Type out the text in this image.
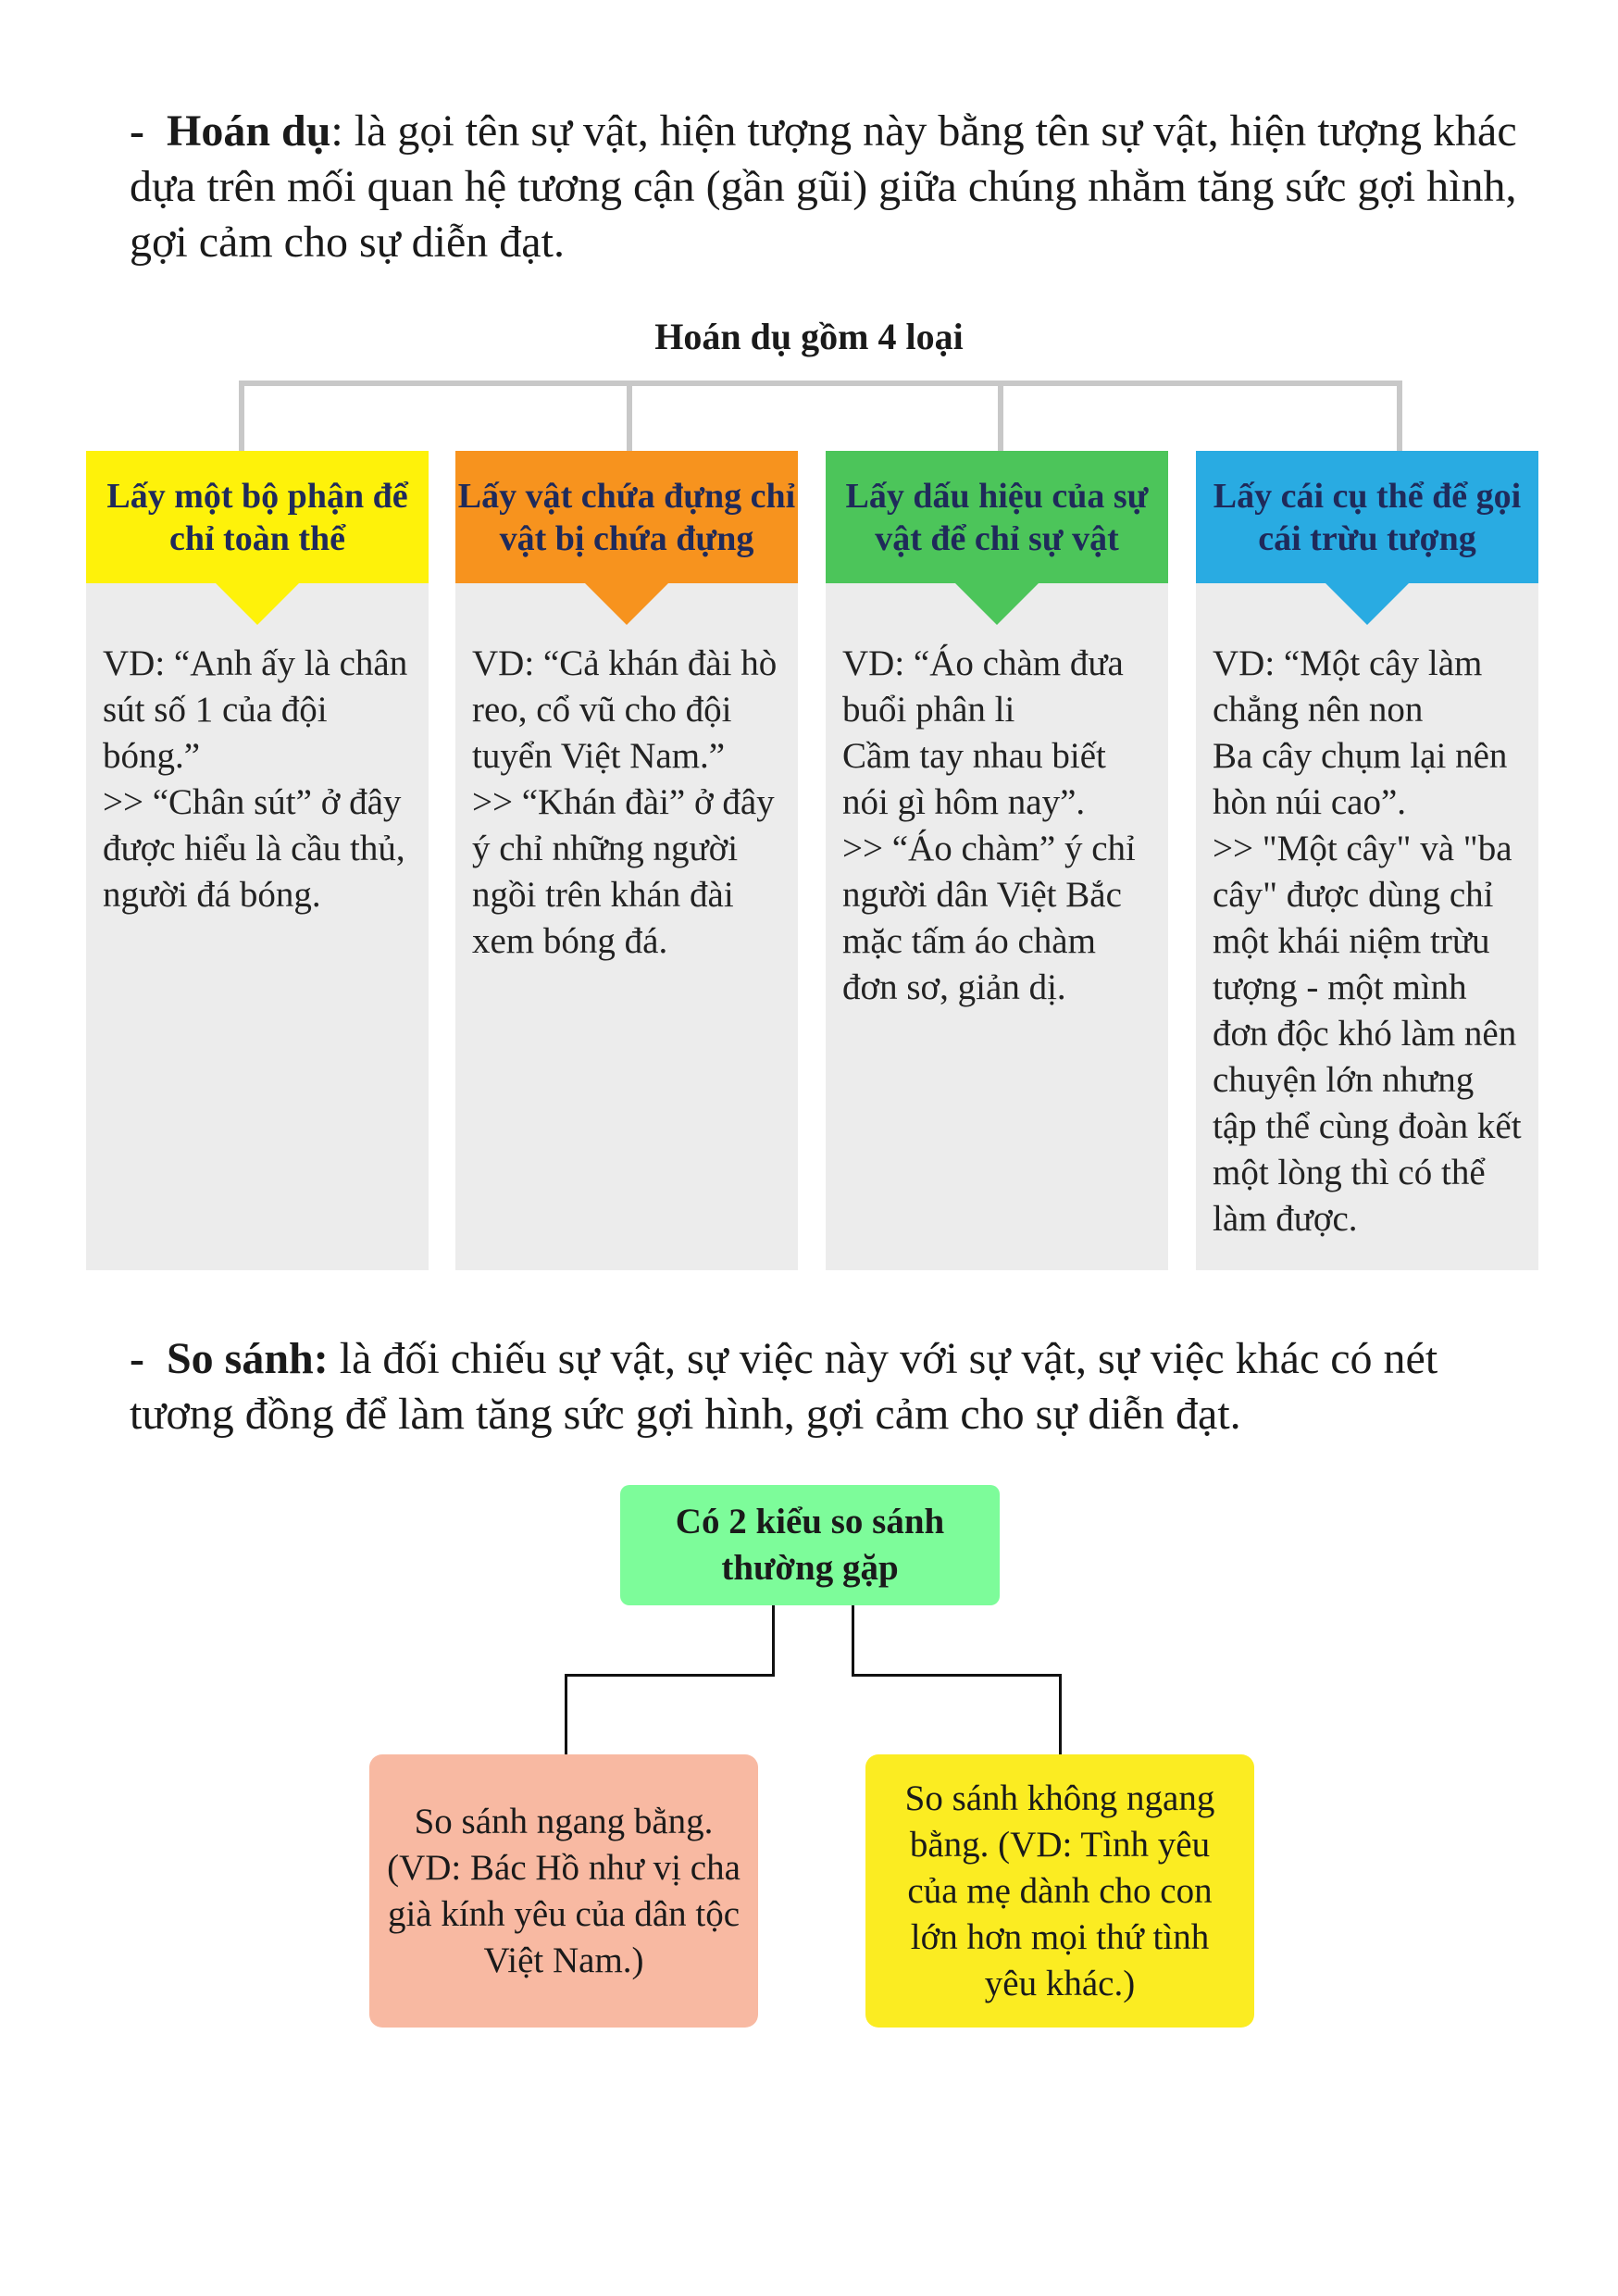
- Hoán dụ: là gọi tên sự vật, hiện tượng này bằng tên sự vật, hiện tượng khác dựa trên mối quan hệ tương cận (gần gũi) giữa chúng nhằm tăng sức gợi hình, gợi cảm cho sự diễn đạt.

Hoán dụ gồm 4 loại
Lấy một bộ phận để chỉ toàn thể

VD: “Anh ấy là chân sút số 1 của đội bóng.”
>> “Chân sút” ở đây được hiểu là cầu thủ, người đá bóng.

Lấy vật chứa đựng chỉ vật bị chứa đựng

VD: “Cả khán đài hò reo, cổ vũ cho đội tuyển Việt Nam.”
>> “Khán đài” ở đây ý chỉ những người ngồi trên khán đài xem bóng đá.

Lấy dấu hiệu của sự vật để chỉ sự vật

VD: “Áo chàm đưa buổi phân li
Cầm tay nhau biết nói gì hôm nay”.
>> “Áo chàm” ý chỉ người dân Việt Bắc mặc tấm áo chàm đơn sơ, giản dị.

Lấy cái cụ thể để gọi cái trừu tượng

VD: “Một cây làm chẳng nên non
Ba cây chụm lại nên hòn núi cao”.
>> "Một cây" và "ba cây" được dùng chỉ một khái niệm trừu tượng - một mình đơn độc khó làm nên chuyện lớn nhưng tập thể cùng đoàn kết một lòng thì có thể làm được.

- So sánh: là đối chiếu sự vật, sự việc này với sự vật, sự việc khác có nét tương đồng để làm tăng sức gợi hình, gợi cảm cho sự diễn đạt.

Có 2 kiểu so sánh thường gặp
So sánh ngang bằng. (VD: Bác Hồ như vị cha già kính yêu của dân tộc Việt Nam.)
So sánh không ngang bằng. (VD: Tình yêu của mẹ dành cho con lớn hơn mọi thứ tình yêu khác.)
